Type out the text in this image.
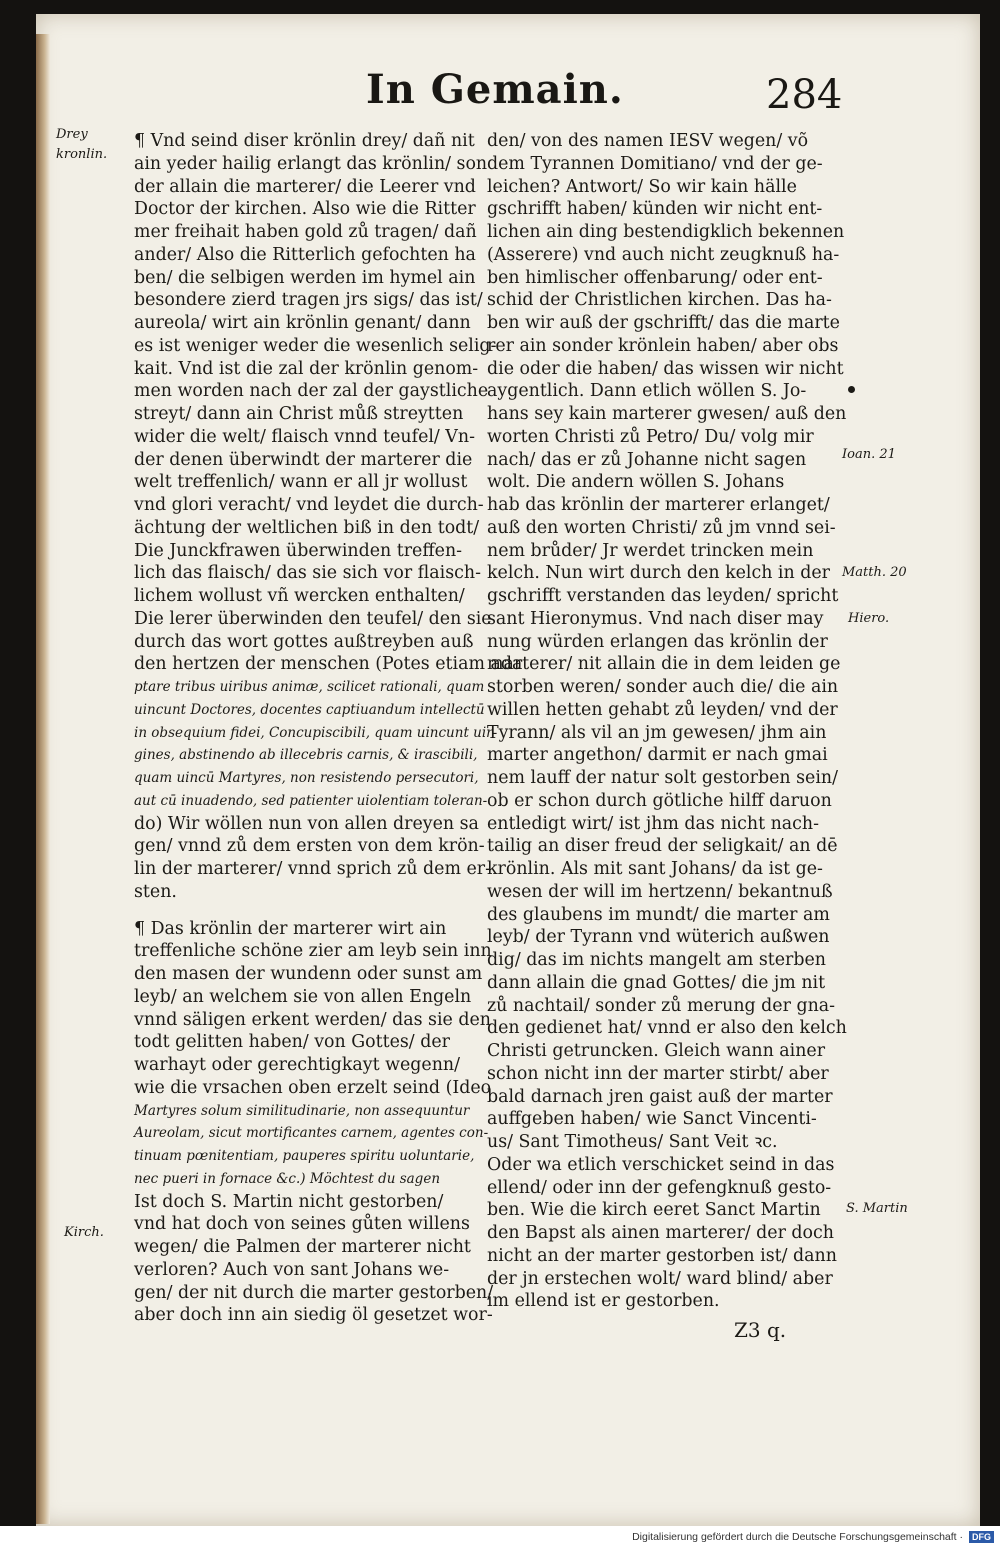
In Gemain.	284
Drey
kronlin.
Ioan. 21
Matth. 20
Hiero.
S. Martin
Kirch.
¶ Vnd seind diser krönlin drey/ dañ nit
ain yeder hailig erlangt das krönlin/ son
der allain die marterer/ die Leerer vnd
Doctor der kirchen. Also wie die Ritter
mer freihait haben gold zů tragen/ dañ
ander/ Also die Ritterlich gefochten ha
ben/ die selbigen werden im hymel ain
besondere zierd tragen jrs sigs/ das ist/
aureola/ wirt ain krönlin genant/ dann
es ist weniger weder die wesenlich selig-
kait. Vnd ist die zal der krönlin genom-
men worden nach der zal der gaystliche
streyt/ dann ain Christ můß streytten
wider die welt/ flaisch vnnd teufel/ Vn-
der denen überwindt der marterer die
welt treffenlich/ wann er all jr wollust
vnd glori veracht/ vnd leydet die durch-
ächtung der weltlichen biß in den todt/
Die Junckfrawen überwinden treffen-
lich das flaisch/ das sie sich vor flaisch-
lichem wollust vñ wercken enthalten/
Die lerer überwinden den teufel/ den sie
durch das wort gottes außtreyben auß
den hertzen der menschen (Potes etiam ada
ptare tribus uiribus animæ, scilicet rationali, quam
uincunt Doctores, docentes captiuandum intellectū
in obsequium fidei, Concupiscibili, quam uincunt uir-
gines, abstinendo ab illecebris carnis, & irascibili,
quam uincū Martyres, non resistendo persecutori,
aut cū inuadendo, sed patienter uiolentiam toleran-
do) Wir wöllen nun von allen dreyen sa
gen/ vnnd zů dem ersten von dem krön-
lin der marterer/ vnnd sprich zů dem er-
sten.
¶ Das krönlin der marterer wirt ain
treffenliche schöne zier am leyb sein inn
den masen der wundenn oder sunst am
leyb/ an welchem sie von allen Engeln
vnnd säligen erkent werden/ das sie den
todt gelitten haben/ von Gottes/ der
warhayt oder gerechtigkayt wegenn/
wie die vrsachen oben erzelt seind (Ideo
Martyres solum similitudinarie, non assequuntur
Aureolam, sicut mortificantes carnem, agentes con-
tinuam pœnitentiam, pauperes spiritu uoluntarie,
nec pueri in fornace &c.) Möchtest du sagen
Ist doch S. Martin nicht gestorben/
vnd hat doch von seines gůten willens
wegen/ die Palmen der marterer nicht
verloren? Auch von sant Johans we-
gen/ der nit durch die marter gestorben/
aber doch inn ain siedig öl gesetzet wor-
den/ von des namen IESV wegen/ võ
dem Tyrannen Domitiano/ vnd der ge-
leichen? Antwort/ So wir kain hälle
gschrifft haben/ künden wir nicht ent-
lichen ain ding bestendigklich bekennen
(Asserere) vnd auch nicht zeugknuß ha-
ben himlischer offenbarung/ oder ent-
schid der Christlichen kirchen. Das ha-
ben wir auß der gschrifft/ das die marte
rer ain sonder krönlein haben/ aber obs
die oder die haben/ das wissen wir nicht
aygentlich. Dann etlich wöllen S. Jo-
hans sey kain marterer gwesen/ auß den
worten Christi zů Petro/ Du/ volg mir
nach/ das er zů Johanne nicht sagen
wolt. Die andern wöllen S. Johans
hab das krönlin der marterer erlanget/
auß den worten Christi/ zů jm vnnd sei-
nem brůder/ Jr werdet trincken mein
kelch. Nun wirt durch den kelch in der
gschrifft verstanden das leyden/ spricht
sant Hieronymus. Vnd nach diser may
nung würden erlangen das krönlin der
marterer/ nit allain die in dem leiden ge
storben weren/ sonder auch die/ die ain
willen hetten gehabt zů leyden/ vnd der
Tyrann/ als vil an jm gewesen/ jhm ain
marter angethon/ darmit er nach gmai
nem lauff der natur solt gestorben sein/
ob er schon durch götliche hilff daruon
entledigt wirt/ ist jhm das nicht nach-
tailig an diser freud der seligkait/ an dē
krönlin. Als mit sant Johans/ da ist ge-
wesen der will im hertzenn/ bekantnuß
des glaubens im mundt/ die marter am
leyb/ der Tyrann vnd wüterich außwen
dig/ das im nichts mangelt am sterben
dann allain die gnad Gottes/ die jm nit
zů nachtail/ sonder zů merung der gna-
den gedienet hat/ vnnd er also den kelch
Christi getruncken. Gleich wann ainer
schon nicht inn der marter stirbt/ aber
bald darnach jren gaist auß der marter
auffgeben haben/ wie Sanct Vincenti-
us/ Sant Timotheus/ Sant Veit ꝛc.
Oder wa etlich verschicket seind in das
ellend/ oder inn der gefengknuß gesto-
ben. Wie die kirch eeret Sanct Martin
den Bapst als ainen marterer/ der doch
nicht an der marter gestorben ist/ dann
der jn erstechen wolt/ ward blind/ aber
im ellend ist er gestorben.
Z3 q.
Digitalisierung gefördert durch die Deutsche Forschungsgemeinschaft ·	DFG
